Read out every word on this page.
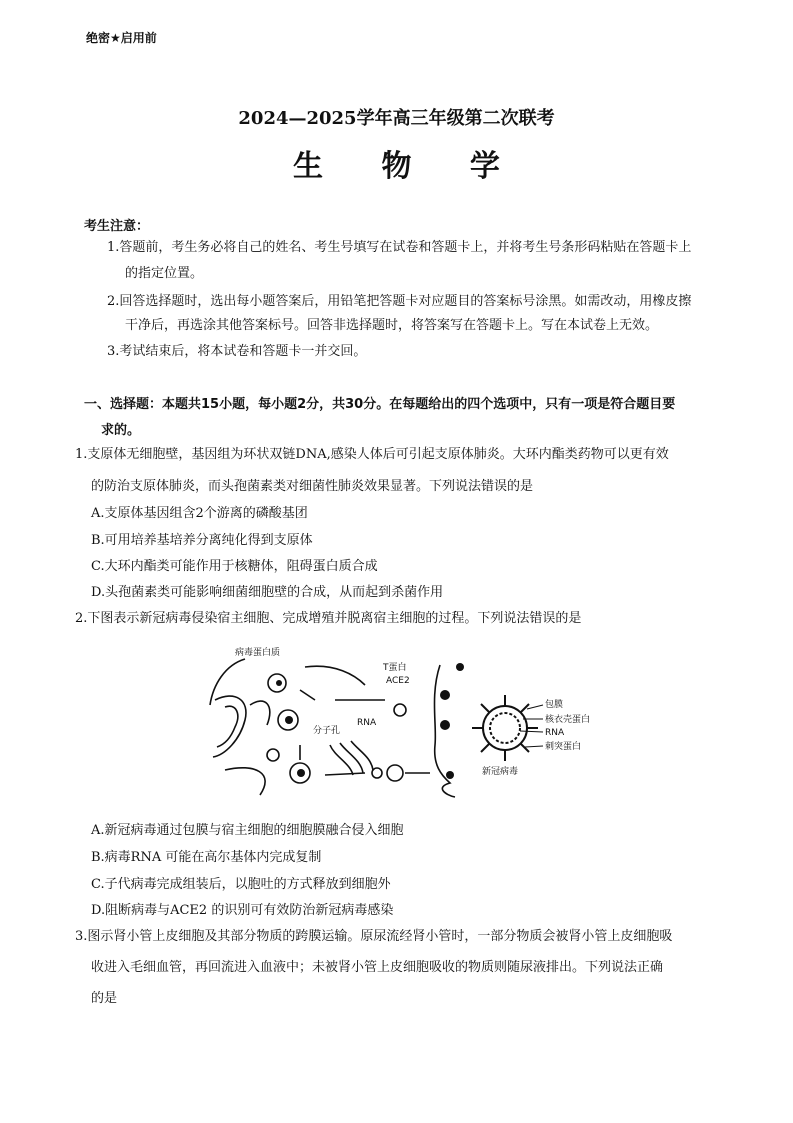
绝密★启用前
2024—2025学年高三年级第二次联考
生 物 学
考生注意：
1.答题前，考生务必将自己的姓名、考生号填写在试卷和答题卡上，并将考生号条形码粘贴在答题卡上
的指定位置。
2.回答选择题时，选出每小题答案后，用铅笔把答题卡对应题目的答案标号涂黑。如需改动，用橡皮擦
干净后，再选涂其他答案标号。回答非选择题时，将答案写在答题卡上。写在本试卷上无效。
3.考试结束后，将本试卷和答题卡一并交回。
一、选择题：本题共15小题，每小题2分，共30分。在每题给出的四个选项中，只有一项是符合题目要
求的。
1.支原体无细胞壁，基因组为环状双链DNA,感染人体后可引起支原体肺炎。大环内酯类药物可以更有效
的防治支原体肺炎，而头孢菌素类对细菌性肺炎效果显著。下列说法错误的是
A.支原体基因组含2个游离的磷酸基团
B.可用培养基培养分离纯化得到支原体
C.大环内酯类可能作用于核糖体，阻碍蛋白质合成
D.头孢菌素类可能影响细菌细胞壁的合成，从而起到杀菌作用
2.下图表示新冠病毒侵染宿主细胞、完成增殖并脱离宿主细胞的过程。下列说法错误的是
病毒蛋白质
T蛋白
ACE2
RNA
分子孔
包膜
核衣壳蛋白
RNA
刺突蛋白
新冠病毒
A.新冠病毒通过包膜与宿主细胞的细胞膜融合侵入细胞
B.病毒RNA 可能在高尔基体内完成复制
C.子代病毒完成组装后，以胞吐的方式释放到细胞外
D.阻断病毒与ACE2 的识别可有效防治新冠病毒感染
3.图示肾小管上皮细胞及其部分物质的跨膜运输。原尿流经肾小管时，一部分物质会被肾小管上皮细胞吸
收进入毛细血管，再回流进入血液中；未被肾小管上皮细胞吸收的物质则随尿液排出。下列说法正确
的是
